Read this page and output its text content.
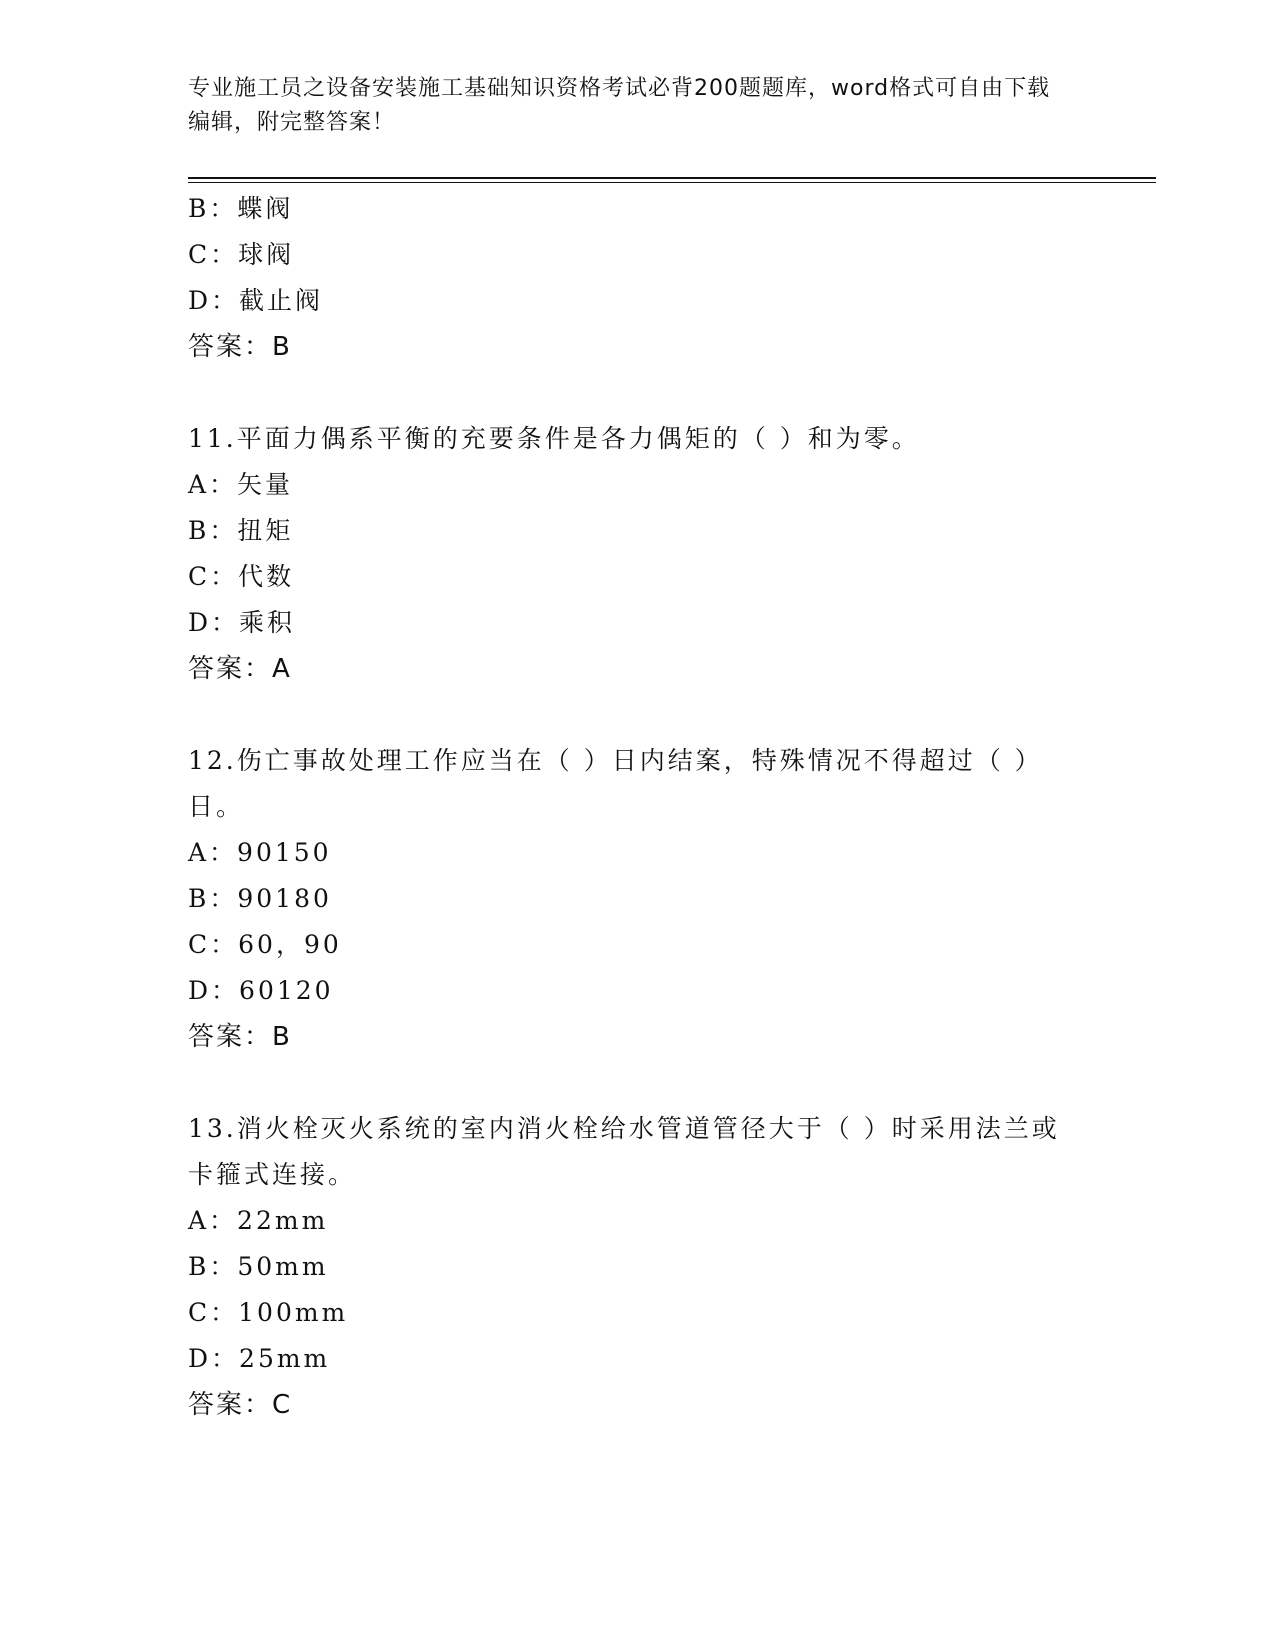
专业施工员之设备安装施工基础知识资格考试必背200题题库，word格式可自由下载编辑，附完整答案！
B：蝶阀
C：球阀
D：截止阀
答案：B
11.平面力偶系平衡的充要条件是各力偶矩的（ ）和为零。
A：矢量
B：扭矩
C：代数
D：乘积
答案：A
12.伤亡事故处理工作应当在（ ）日内结案，特殊情况不得超过（ ）日。
A：90150
B：90180
C：60，90
D：60120
答案：B
13.消火栓灭火系统的室内消火栓给水管道管径大于（ ）时采用法兰或卡箍式连接。
A：22mm
B：50mm
C：100mm
D：25mm
答案：C
